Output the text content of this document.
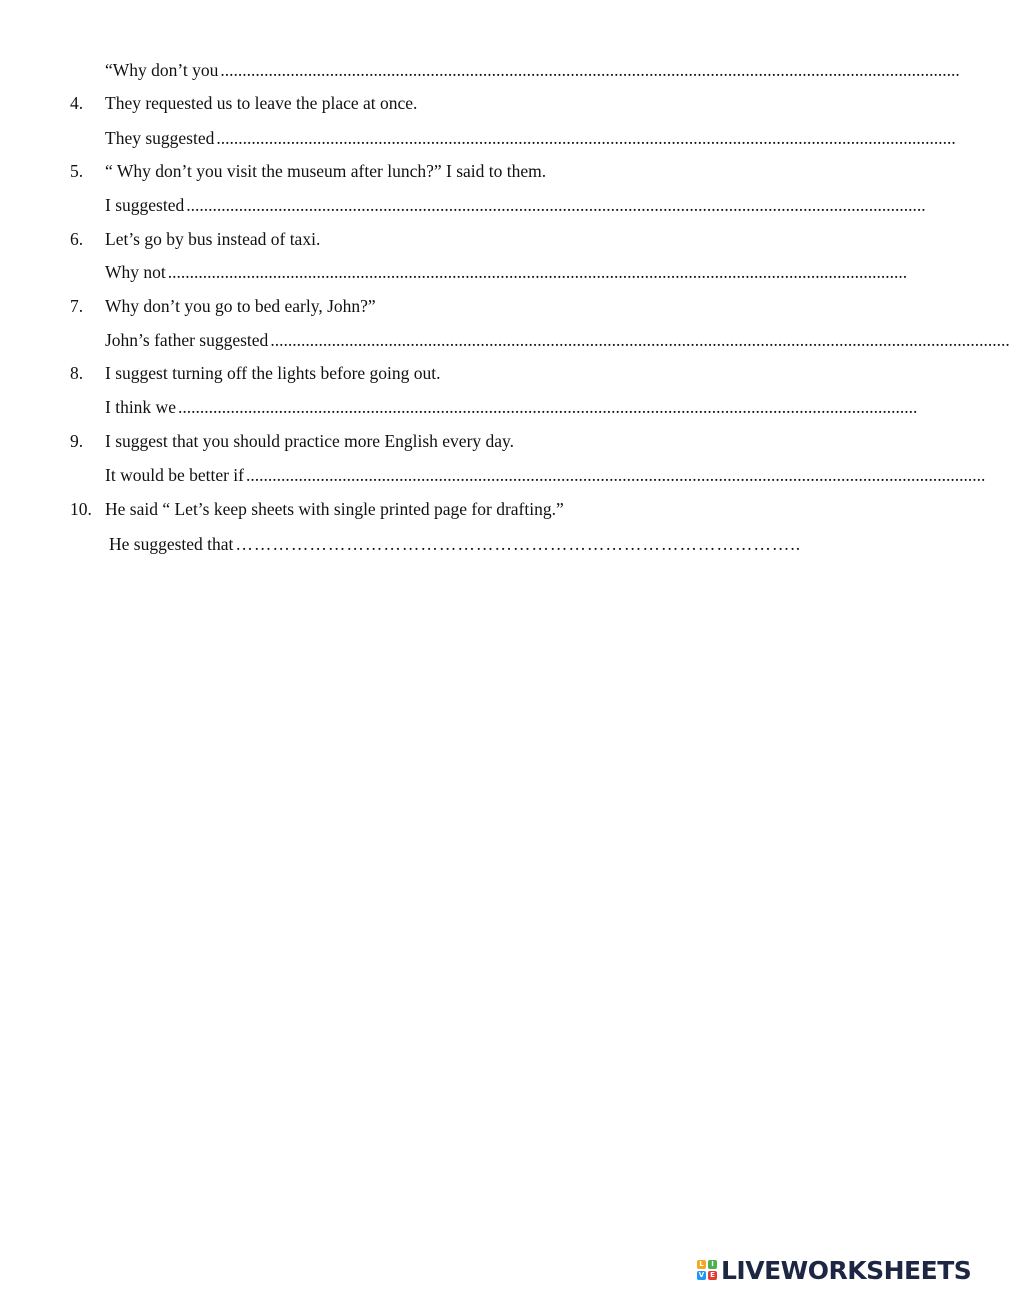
“Why don’t you .........................................................................................................................................................................
4. They requested us to leave the place at once.
They suggested .........................................................................................................................................................................
5. “ Why don’t you visit the museum after lunch?” I said to them.
I suggested .........................................................................................................................................................................
6. Let’s go by bus instead of taxi.
Why not .........................................................................................................................................................................
7. Why don’t you go to bed early, John?”
John’s father suggested .........................................................................................................................................................................
8. I suggest turning off the lights before going out.
I think we .........................................................................................................................................................................
9. I suggest that you should practice more English every day.
It would be better if .........................................................................................................................................................................
10. He said “ Let’s keep sheets with single printed page for drafting.”
He suggested that ………………………………………………………………………………..
L	I
V E LIVEWORKSHEETS
